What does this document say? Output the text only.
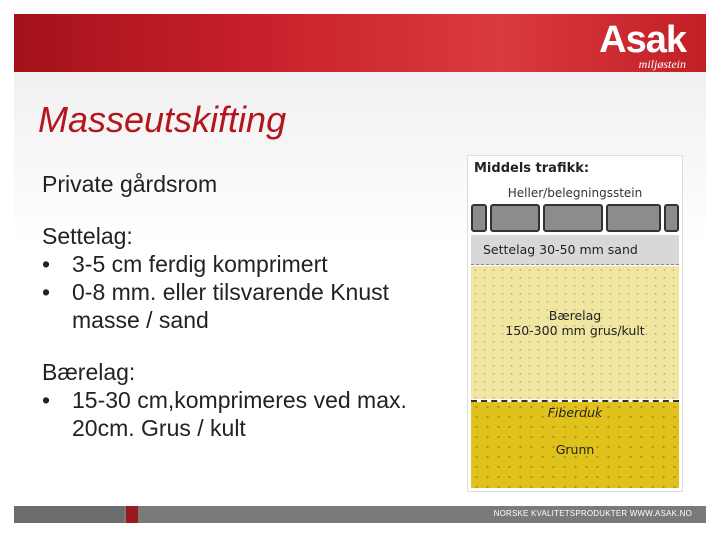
Asak
miljøstein
Masseutskifting

Private gårdsrom

Settelag:

• 3-5 cm ferdig komprimert

• 0-8 mm. eller tilsvarende Knust masse / sand

Bærelag:

• 15-30 cm,komprimeres ved max. 20cm. Grus / kult

Middels trafikk:
Heller/belegningsstein
Settelag 30-50 mm sand
Bærelag
150-300 mm grus/kult
Fiberduk
Grunn
NORSKE KVALITETSPRODUKTER WWW.ASAK.NO
